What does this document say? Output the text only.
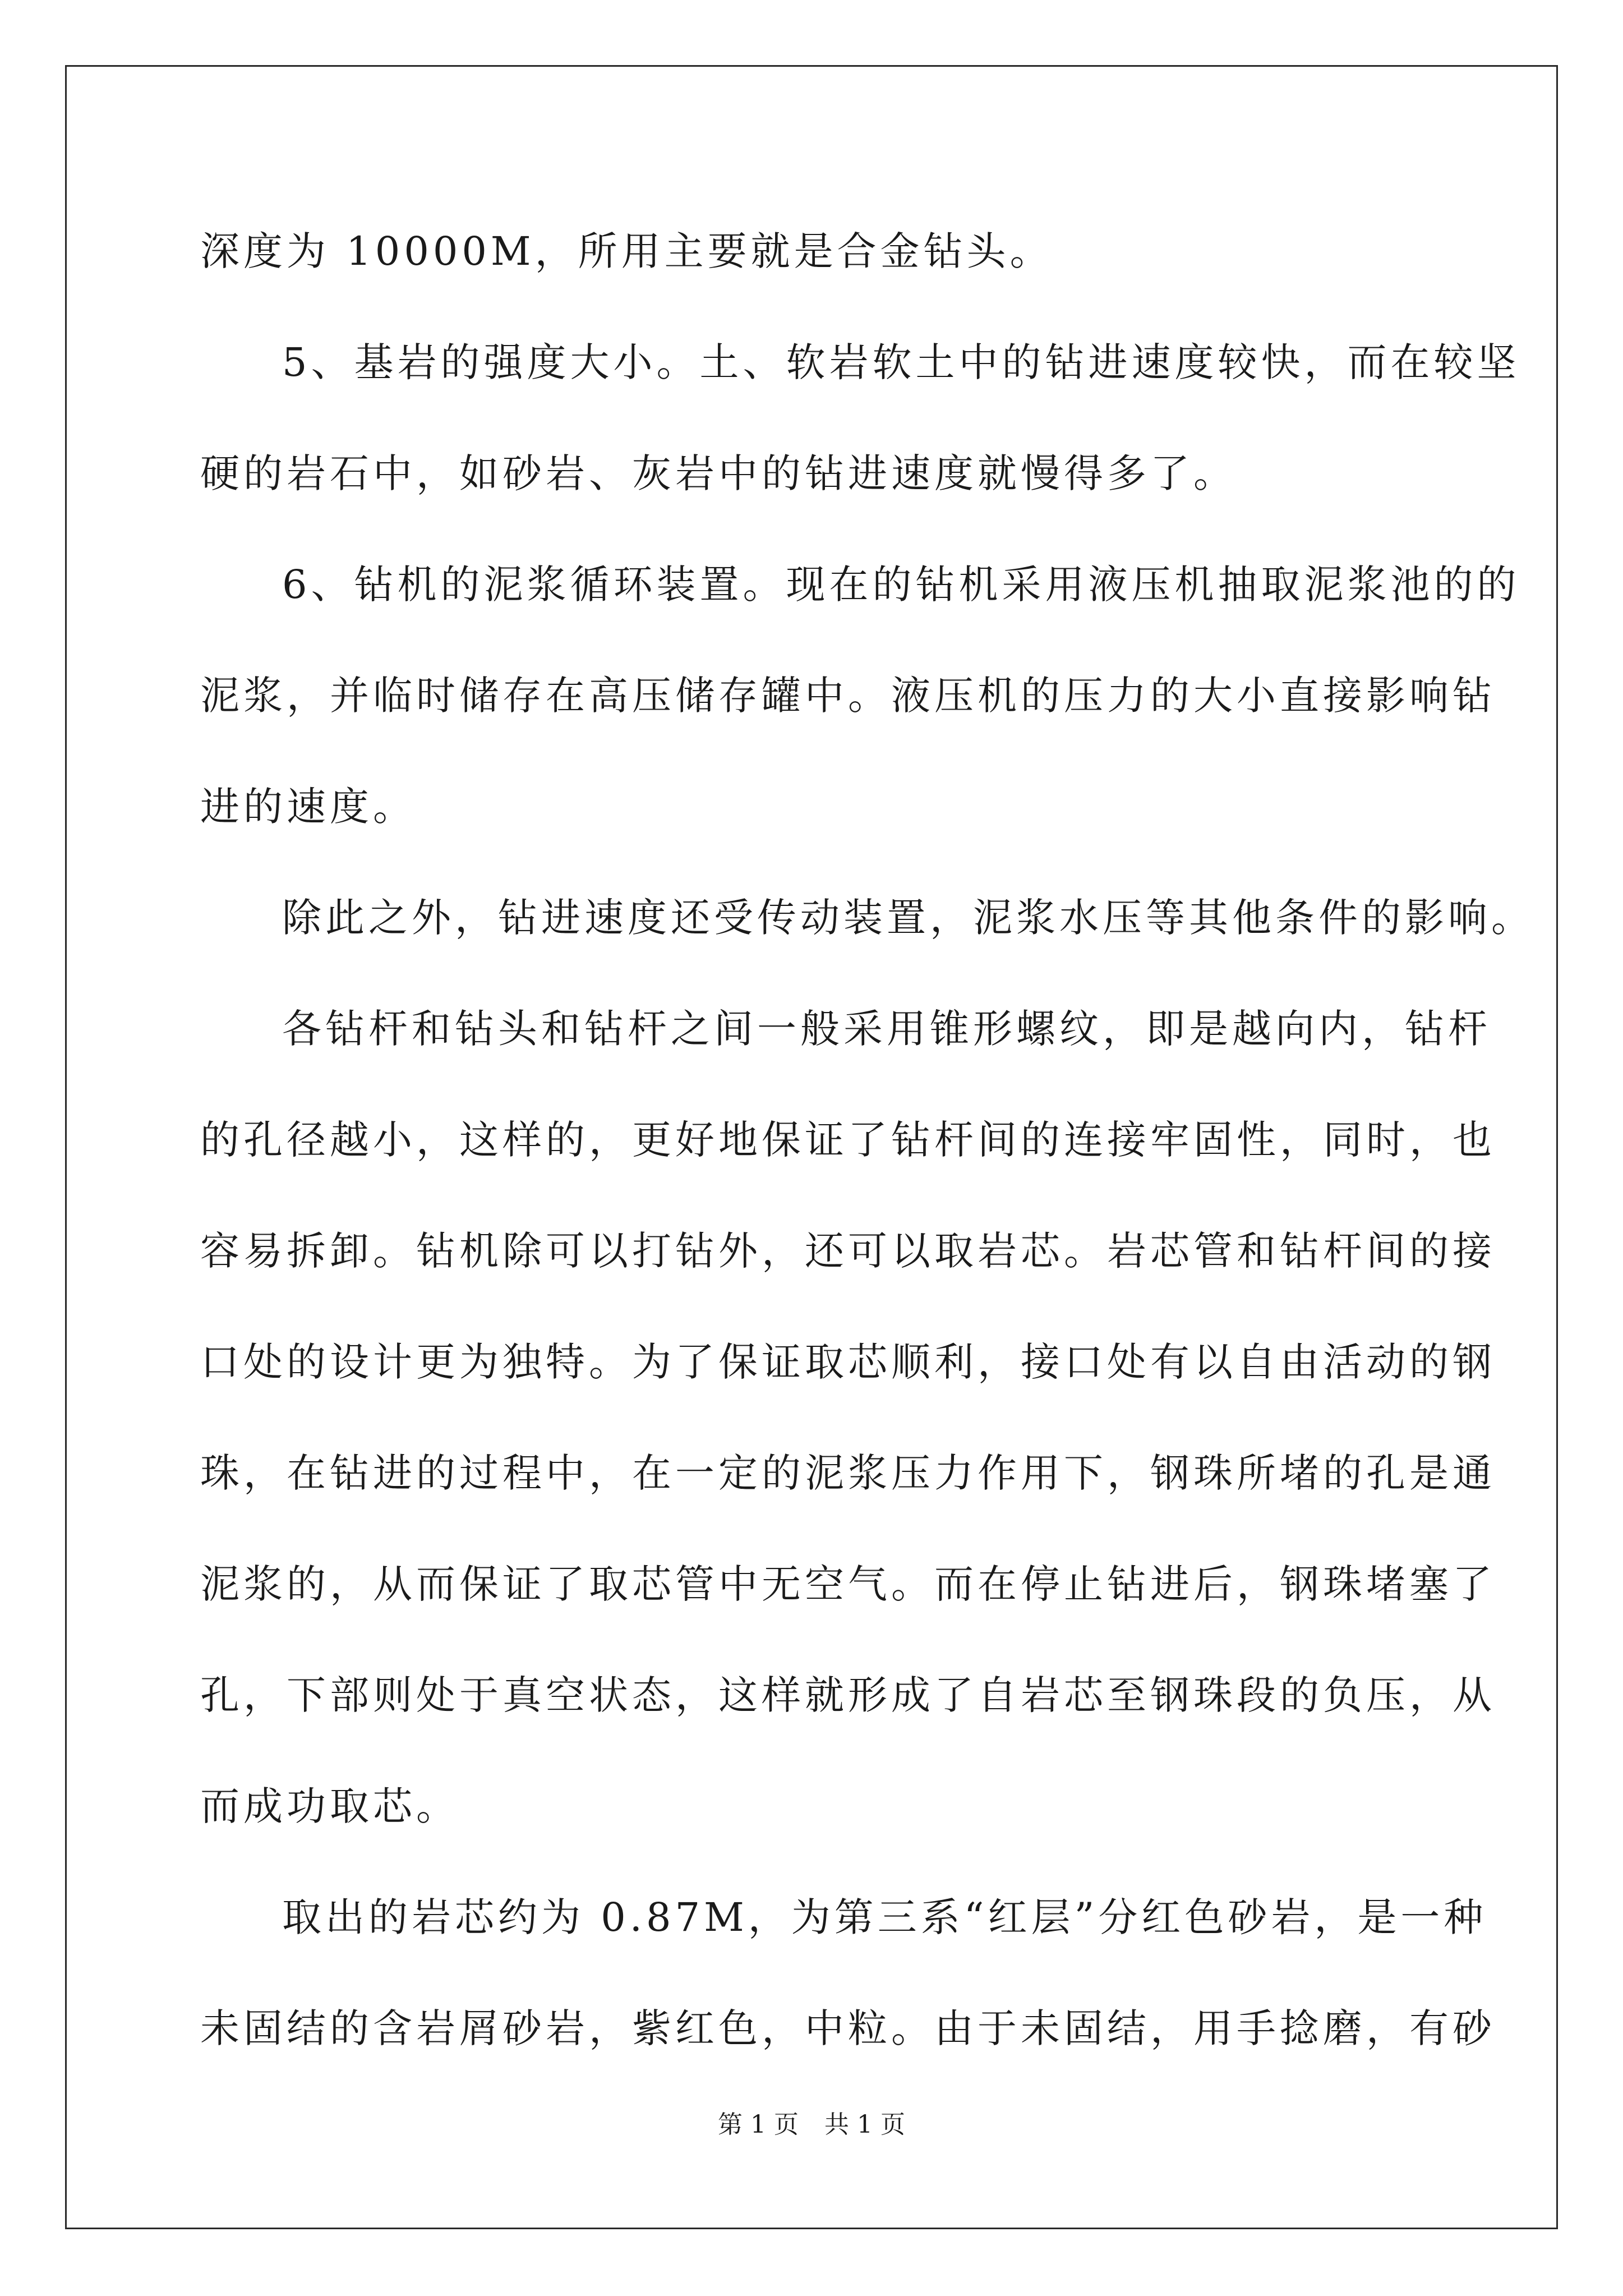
深度为 10000M，所用主要就是合金钻头。
5、基岩的强度大小。土、软岩软土中的钻进速度较快，而在较坚
硬的岩石中，如砂岩、灰岩中的钻进速度就慢得多了。
6、钻机的泥浆循环装置。现在的钻机采用液压机抽取泥浆池的的
泥浆，并临时储存在高压储存罐中。液压机的压力的大小直接影响钻
进的速度。
除此之外，钻进速度还受传动装置，泥浆水压等其他条件的影响。
各钻杆和钻头和钻杆之间一般采用锥形螺纹，即是越向内，钻杆
的孔径越小，这样的，更好地保证了钻杆间的连接牢固性，同时，也
容易拆卸。钻机除可以打钻外，还可以取岩芯。岩芯管和钻杆间的接
口处的设计更为独特。为了保证取芯顺利，接口处有以自由活动的钢
珠，在钻进的过程中，在一定的泥浆压力作用下，钢珠所堵的孔是通
泥浆的，从而保证了取芯管中无空气。而在停止钻进后，钢珠堵塞了
孔，下部则处于真空状态，这样就形成了自岩芯至钢珠段的负压，从
而成功取芯。
取出的岩芯约为 0.87M，为第三系“红层”分红色砂岩，是一种
未固结的含岩屑砂岩，紫红色，中粒。由于未固结，用手捻磨，有砂
第 1 页 共 1 页
